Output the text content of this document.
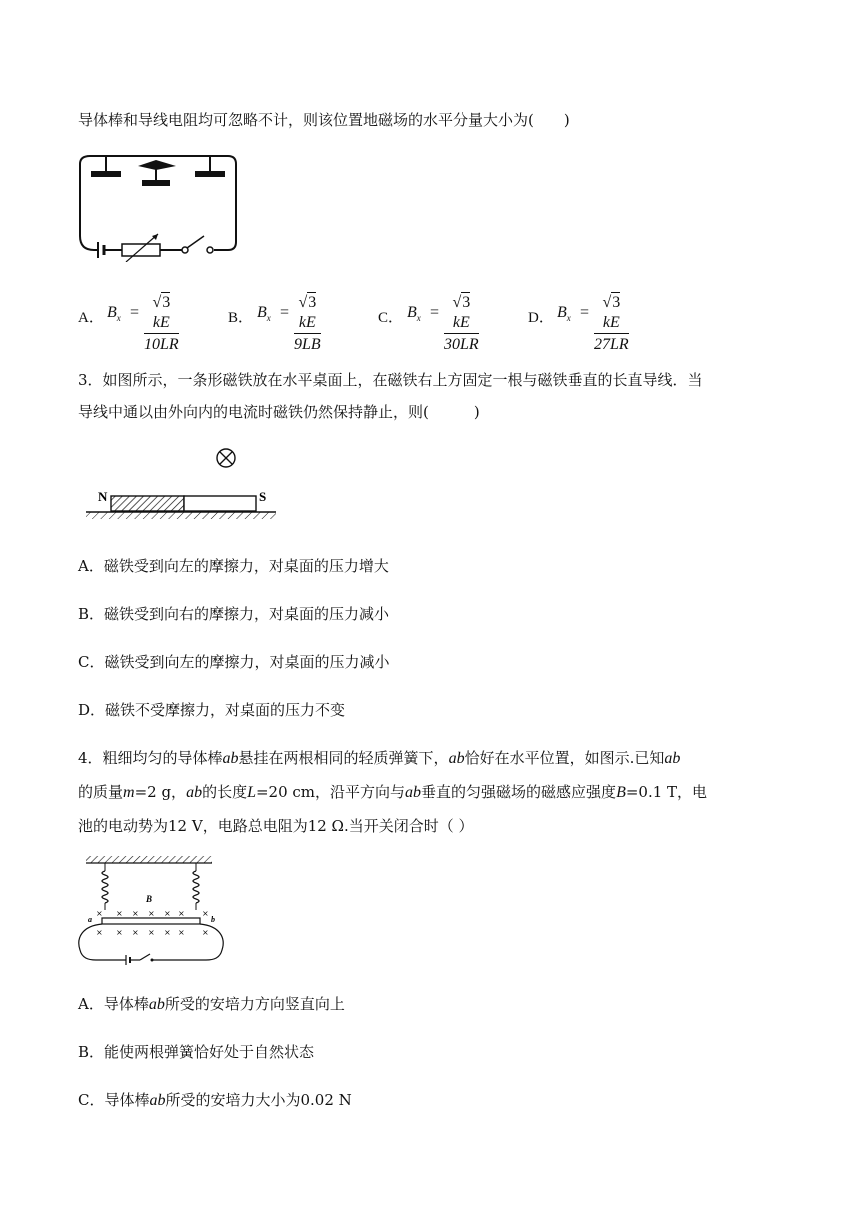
导体棒和导线电阻均可忽略不计，则该位置地磁场的水平分量大小为(　　)
A． $B_x = \frac{√3kE}{10LR}$	B． $B_x = \frac{√3kE}{9LB}$	C． $B_x = \frac{√3kE}{30LR}$	D． $B_x = \frac{√3kE}{27LR}$
3．如图所示，一条形磁铁放在水平桌面上，在磁铁右上方固定一根与磁铁垂直的长直导线．当
导线中通以由外向内的电流时磁铁仍然保持静止，则(　　　)
N	S
A．磁铁受到向左的摩擦力，对桌面的压力增大
B．磁铁受到向右的摩擦力，对桌面的压力减小
C．磁铁受到向左的摩擦力，对桌面的压力减小
D．磁铁不受摩擦力，对桌面的压力不变
4．粗细均匀的导体棒ab悬挂在两根相同的轻质弹簧下，ab恰好在水平位置，如图示.已知ab
的质量m=2 g，ab的长度L=20 cm，沿平方向与ab垂直的匀强磁场的磁感应强度B=0.1 T，电
池的电动势为12 V，电路总电阻为12 Ω.当开关闭合时（ ）
B
× × × × × × ×
× × × × × × ×
a	b
A．导体棒ab所受的安培力方向竖直向上
B．能使两根弹簧恰好处于自然状态
C．导体棒ab所受的安培力大小为0.02 N
